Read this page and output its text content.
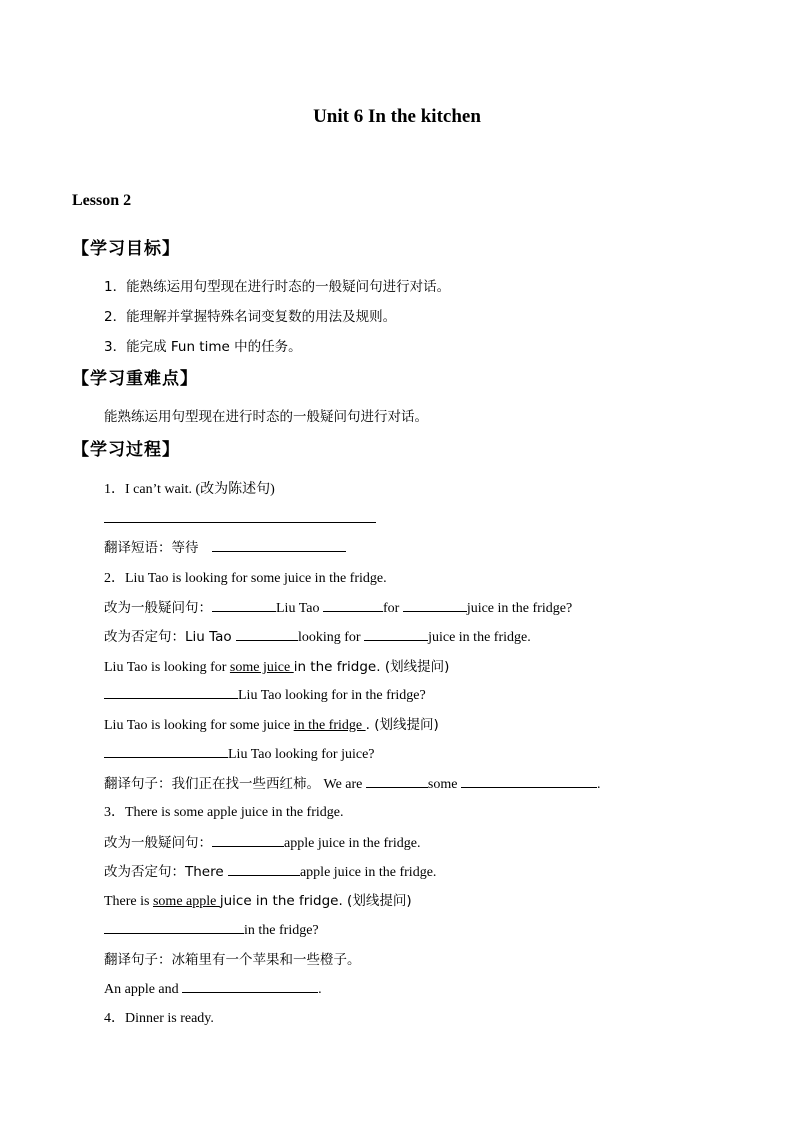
Unit 6 In the kitchen
Lesson 2
【学习目标】
1．能熟练运用句型现在进行时态的一般疑问句进行对话。
2．能理解并掌握特殊名词变复数的用法及规则。
3．能完成 Fun time 中的任务。
【学习重难点】
能熟练运用句型现在进行时态的一般疑问句进行对话。
【学习过程】
1．I can’t wait. (改为陈述句)
翻译短语：等待
2．Liu Tao is looking for some juice in the fridge.
改为一般疑问句：	Liu Tao	for	juice in the fridge?
改为否定句：Liu Tao	looking for	juice in the fridge.
Liu Tao is looking for some juice in the fridge. (划线提问)
Liu Tao looking for in the fridge?
Liu Tao is looking for some juice in the fridge . (划线提问)
Liu Tao looking for juice?
翻译句子：我们正在找一些西红柿。 We are	some	.
3．There is some apple juice in the fridge.
改为一般疑问句：	apple juice in the fridge.
改为否定句：There	apple juice in the fridge.
There is some apple juice in the fridge. (划线提问)
in the fridge?
翻译句子：冰箱里有一个苹果和一些橙子。
An apple and	.
4．Dinner is ready.
